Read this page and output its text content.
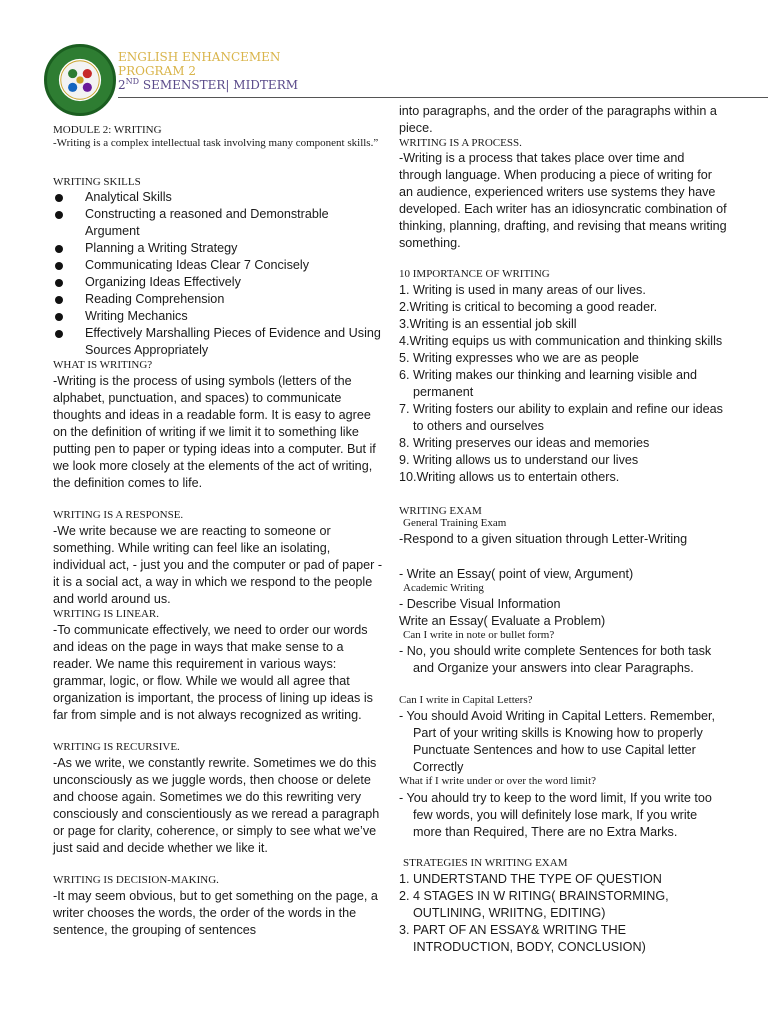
ENGLISH ENHANCEMEN
PROGRAM 2
2ND SEMENSTER| MIDTERM
MODULE 2: WRITING
-Writing is a complex intellectual task involving many component skills.”
WRITING SKILLS
Analytical Skills
Constructing a reasoned and Demonstrable Argument
Planning a Writing Strategy
Communicating Ideas Clear 7 Concisely
Organizing Ideas Effectively
Reading Comprehension
Writing Mechanics
Effectively Marshalling Pieces of Evidence and Using Sources Appropriately
WHAT IS WRITING?
-Writing is the process of using symbols (letters of the alphabet, punctuation, and spaces) to communicate thoughts and ideas in a readable form. It is easy to agree on the definition of writing if we limit it to something like putting pen to paper or typing ideas into a computer. But if we look more closely at the elements of the act of writing, the definition comes to life.
WRITING IS A RESPONSE.
-We write because we are reacting to someone or something. While writing can feel like an isolating, individual act, - just you and the computer or pad of paper - it is a social act, a way in which we respond to the people and world around us.
WRITING IS LINEAR.
-To communicate effectively, we need to order our words and ideas on the page in ways that make sense to a reader. We name this requirement in various ways: grammar, logic, or flow. While we would all agree that organization is important, the process of lining up ideas is far from simple and is not always recognized as writing.
WRITING IS RECURSIVE.
-As we write, we constantly rewrite. Sometimes we do this unconsciously as we juggle words, then choose or delete and choose again. Sometimes we do this rewriting very consciously and conscientiously as we reread a paragraph or page for clarity, coherence, or simply to see what we’ve just said and decide whether we like it.
WRITING IS DECISION-MAKING.
-It may seem obvious, but to get something on the page, a writer chooses the words, the order of the words in the sentence, the grouping of sentences
into paragraphs, and the order of the paragraphs within a piece.
WRITING IS A PROCESS.
-Writing is a process that takes place over time and through language. When producing a piece of writing for an audience, experienced writers use systems they have developed. Each writer has an idiosyncratic combination of thinking, planning, drafting, and revising that means writing something.
10 IMPORTANCE OF WRITING
1. Writing is used in many areas of our lives.
2.Writing is critical to becoming a good reader.
3.Writing is an essential job skill
4.Writing equips us with communication and thinking skills
5. Writing expresses who we are as people
6. Writing makes our thinking and learning visible and permanent
7. Writing fosters our ability to explain and refine our ideas to others and ourselves
8. Writing preserves our ideas and memories
9. Writing allows us to understand our lives
10.Writing allows us to entertain others.
WRITING EXAM
General Training Exam
-Respond to a given situation through Letter-Writing
- Write an Essay( point of view, Argument)
Academic Writing
- Describe Visual Information
Write an Essay( Evaluate a Problem)
Can I write in note or bullet form?
- No, you should write complete Sentences for both task and Organize your answers into clear Paragraphs.
Can I write in Capital Letters?
- You should Avoid Writing in Capital Letters. Remember, Part of your writing skills is Knowing how to properly Punctuate Sentences and how to use Capital letter Correctly
What if I write under or over the word limit?
- You ahould try to keep to the word limit, If you write too few words, you will definitely lose mark, If you write more than Required, There are no Extra Marks.
STRATEGIES IN WRITING EXAM
1. UNDERTSTAND THE TYPE OF QUESTION
2. 4 STAGES IN W RITING( BRAINSTORMING, OUTLINING, WRIITNG, EDITING)
3. PART OF AN ESSAY& WRITING THE INTRODUCTION, BODY, CONCLUSION)
